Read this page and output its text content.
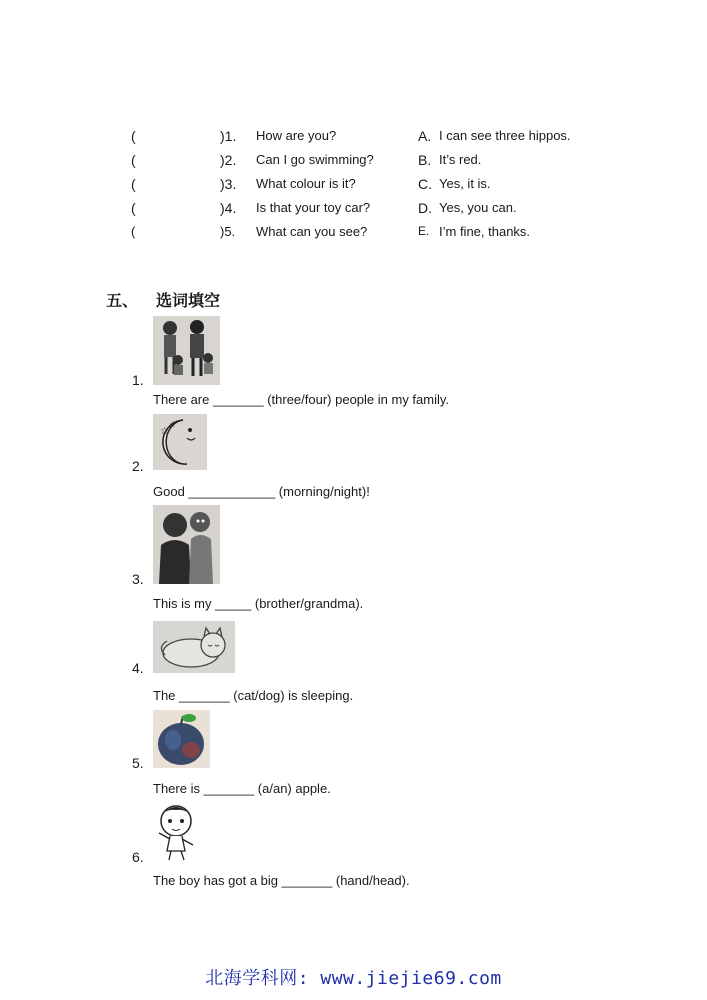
(	)1. How are you?	A. I can see three hippos.
(	)2. Can I go swimming?	B. It’s red.
(	)3. What colour is it?	C. Yes, it is.
(	)4. Is that your toy car?	D. Yes, you can.
(	)5. What can you see?	E. I’m fine, thanks.
五、 选词填空
1.
There are _______ (three/four) people in my family.
☆
☆
2.
Good ____________ (morning/night)!
3.
This is my _____ (brother/grandma).
4.
The _______ (cat/dog) is sleeping.
5.
There is _______ (a/an) apple.
6.
The boy has got a big _______ (hand/head).
北海学科网: www.jiejie69.com
